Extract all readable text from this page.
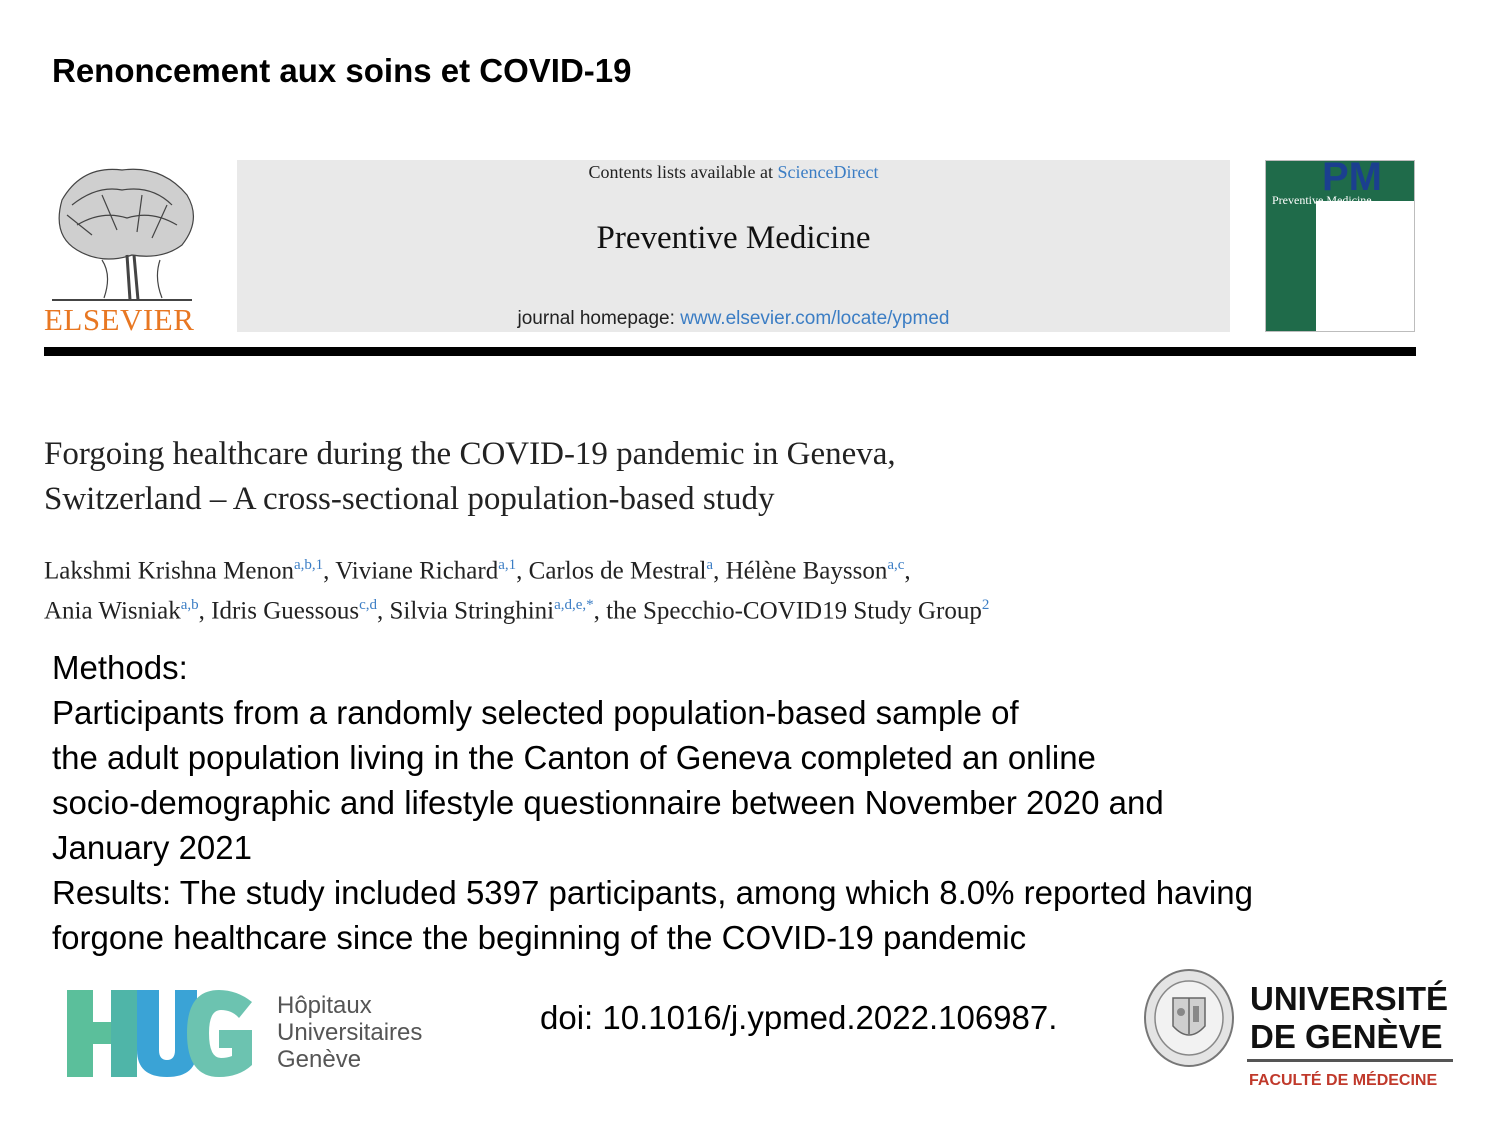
Renoncement aux soins et COVID-19
ELSEVIER
Contents lists available at ScienceDirect
Preventive Medicine
journal homepage: www.elsevier.com/locate/ypmed
PM
Preventive Medicine
Forgoing healthcare during the COVID-19 pandemic in Geneva,
Switzerland – A cross-sectional population-based study
Lakshmi Krishna Menon$^{a,b,1}$, Viviane Richard$^{a,1}$, Carlos de Mestral$^a$, Hélène Baysson$^{a,c}$,
Ania Wisniak$^{a,b}$, Idris Guessous$^{c,d}$, Silvia Stringhini$^{a,d,e,*}$, the Specchio-COVID19 Study Group$^2$
Methods:
Participants from a randomly selected population-based sample of
the adult population living in the Canton of Geneva completed an online
socio-demographic and lifestyle questionnaire between November 2020 and
January 2021
Results: The study included 5397 participants, among which 8.0% reported having
forgone healthcare since the beginning of the COVID-19 pandemic
Hôpitaux
Universitaires
Genève
doi: 10.1016/j.ypmed.2022.106987.
UNIVERSITÉ
DE GENÈVE
FACULTÉ DE MÉDECINE
